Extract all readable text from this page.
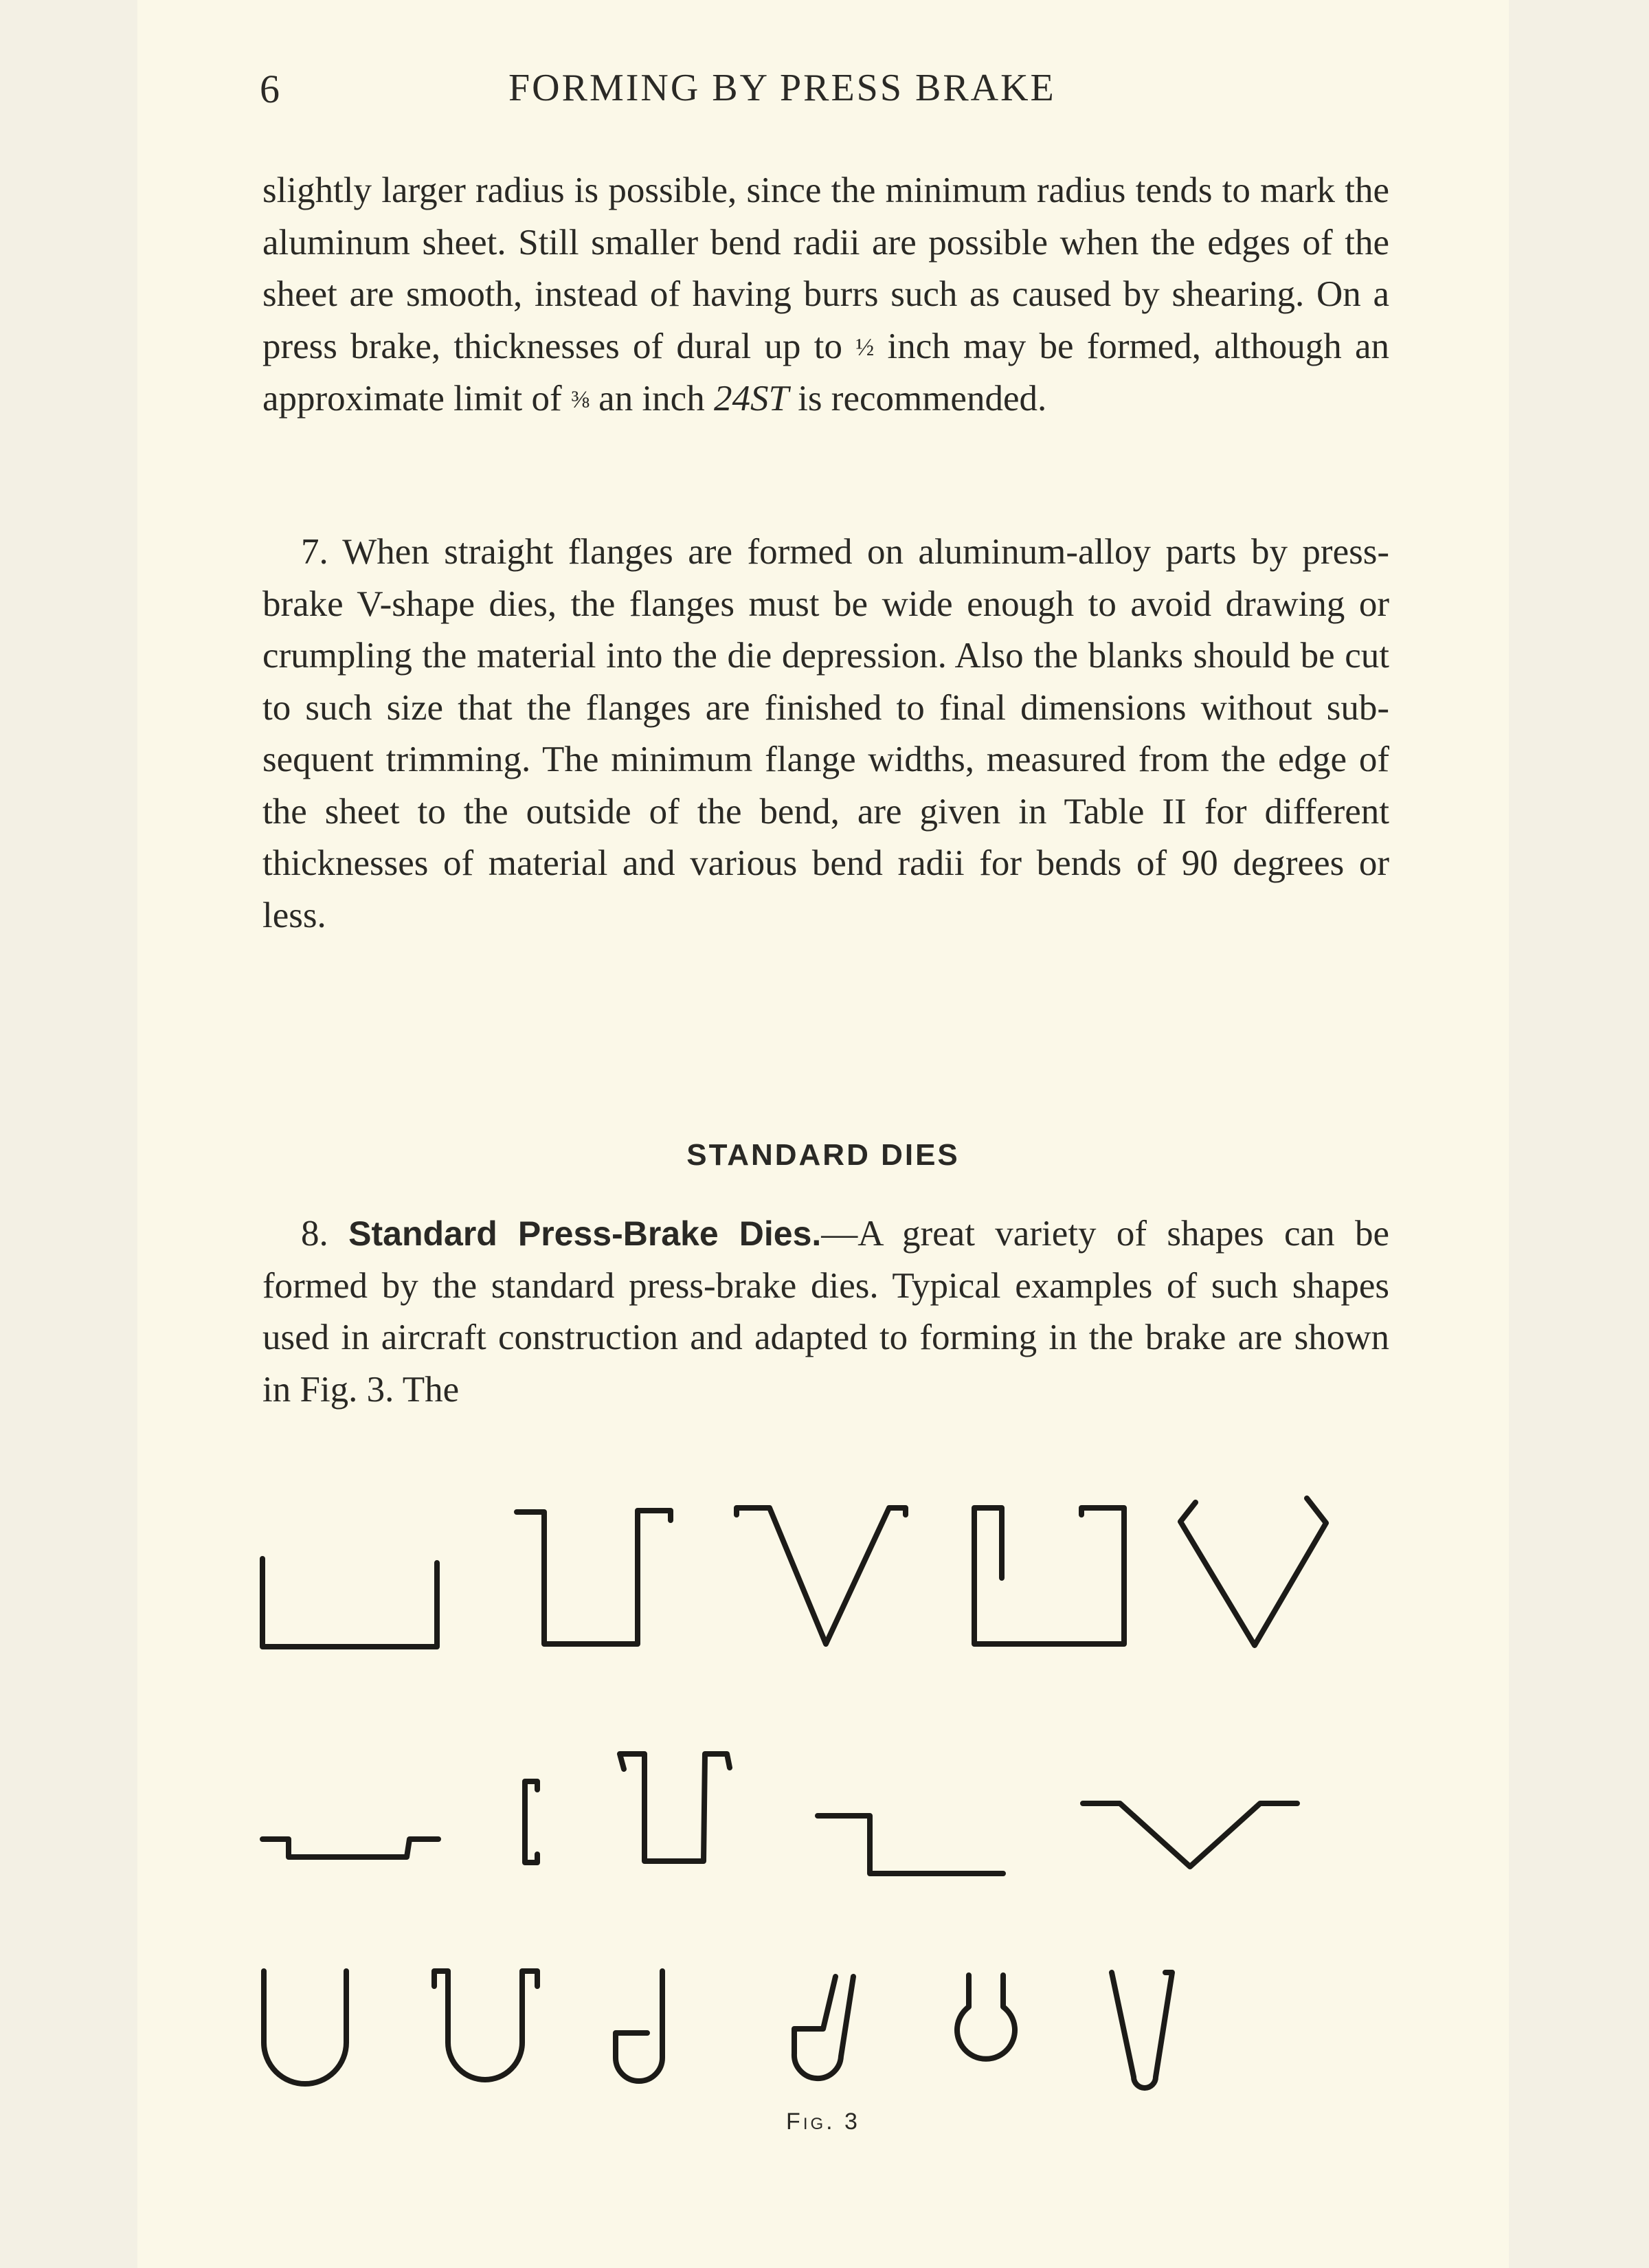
6	FORMING BY PRESS BRAKE
slightly larger radius is possible, since the minimum radius tends to mark the aluminum sheet. Still smaller bend radii are possible when the edges of the sheet are smooth, instead of having burrs such as caused by shearing. On a press brake, thicknesses of dural up to ½ inch may be formed, although an approximate limit of ⅜ an inch 24ST is recommended.
7. When straight flanges are formed on aluminum-alloy parts by press-brake V-shape dies, the flanges must be wide enough to avoid drawing or crumpling the material into the die depression. Also the blanks should be cut to such size that the flanges are finished to final dimensions without sub-sequent trimming. The minimum flange widths, measured from the edge of the sheet to the outside of the bend, are given in Table II for different thicknesses of material and various bend radii for bends of 90 degrees or less.
STANDARD DIES
8. Standard Press-Brake Dies.—A great variety of shapes can be formed by the standard press-brake dies. Typical examples of such shapes used in aircraft construction and adapted to forming in the brake are shown in Fig. 3. The
Fig. 3
